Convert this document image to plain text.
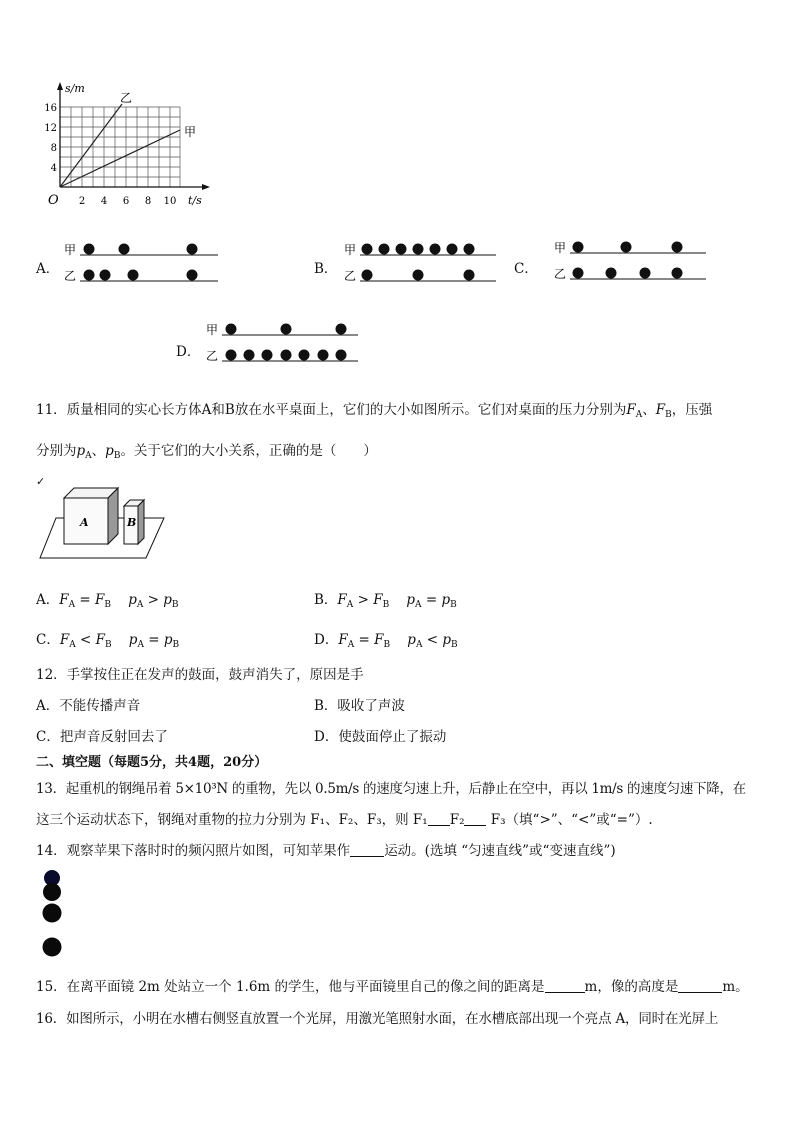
s/m
乙
甲
16
12
8
4
O 2 4 6 8 10 t/s
A．
甲
乙	B．
甲
乙	C．
甲
乙
D．
甲
乙
11．质量相同的实心长方体A和B放在水平桌面上，它们的大小如图所示。它们对桌面的压力分别为$F_A$、$F_B$，压强
分别为$p_A$、$p_B$。关于它们的大小关系，正确的是（　　）
✓
A	B
A．$F_A = F_B$ $p_A > p_B$	B．$F_A > F_B$ $p_A = p_B$
C．$F_A < F_B$ $p_A = p_B$	D．$F_A = F_B$ $p_A < p_B$
12．手掌按住正在发声的鼓面，鼓声消失了，原因是手
A．不能传播声音	B．吸收了声波
C．把声音反射回去了	D．使鼓面停止了振动
二、填空题（每题5分，共4题，20分）
13．起重机的钢绳吊着 5×10³N 的重物，先以 0.5m/s 的速度匀速上升，后静止在空中，再以 1m/s 的速度匀速下降，在
这三个运动状态下，钢绳对重物的拉力分别为 F₁、F₂、F₃，则 F₁ F₂ F₃（填“>”、“<”或“=”）.
14．观察苹果下落时时的频闪照片如图，可知苹果作	运动。(选填 “匀速直线”或“变速直线”)
15．在离平面镜 2m 处站立一个 1.6m 的学生，他与平面镜里自己的像之间的距离是	m，像的高度是	m。
16．如图所示，小明在水槽右侧竖直放置一个光屏，用激光笔照射水面，在水槽底部出现一个亮点 A，同时在光屏上
